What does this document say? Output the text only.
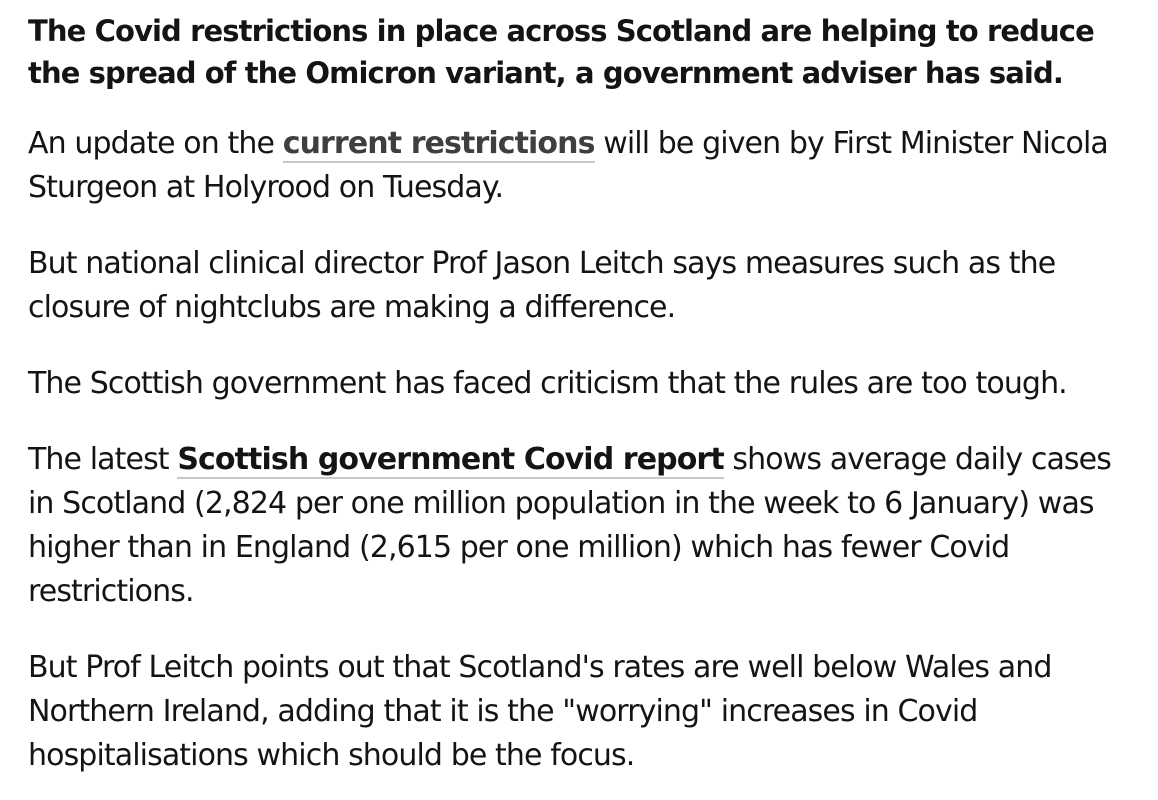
The Covid restrictions in place across Scotland are helping to reduce the spread of the Omicron variant, a government adviser has said.

An update on the current restrictions will be given by First Minister Nicola Sturgeon at Holyrood on Tuesday.

But national clinical director Prof Jason Leitch says measures such as the closure of nightclubs are making a difference.

The Scottish government has faced criticism that the rules are too tough.

The latest Scottish government Covid report shows average daily cases in Scotland (2,824 per one million population in the week to 6 January) was higher than in England (2,615 per one million) which has fewer Covid restrictions.

But Prof Leitch points out that Scotland's rates are well below Wales and Northern Ireland, adding that it is the "worrying" increases in Covid hospitalisations which should be the focus.
